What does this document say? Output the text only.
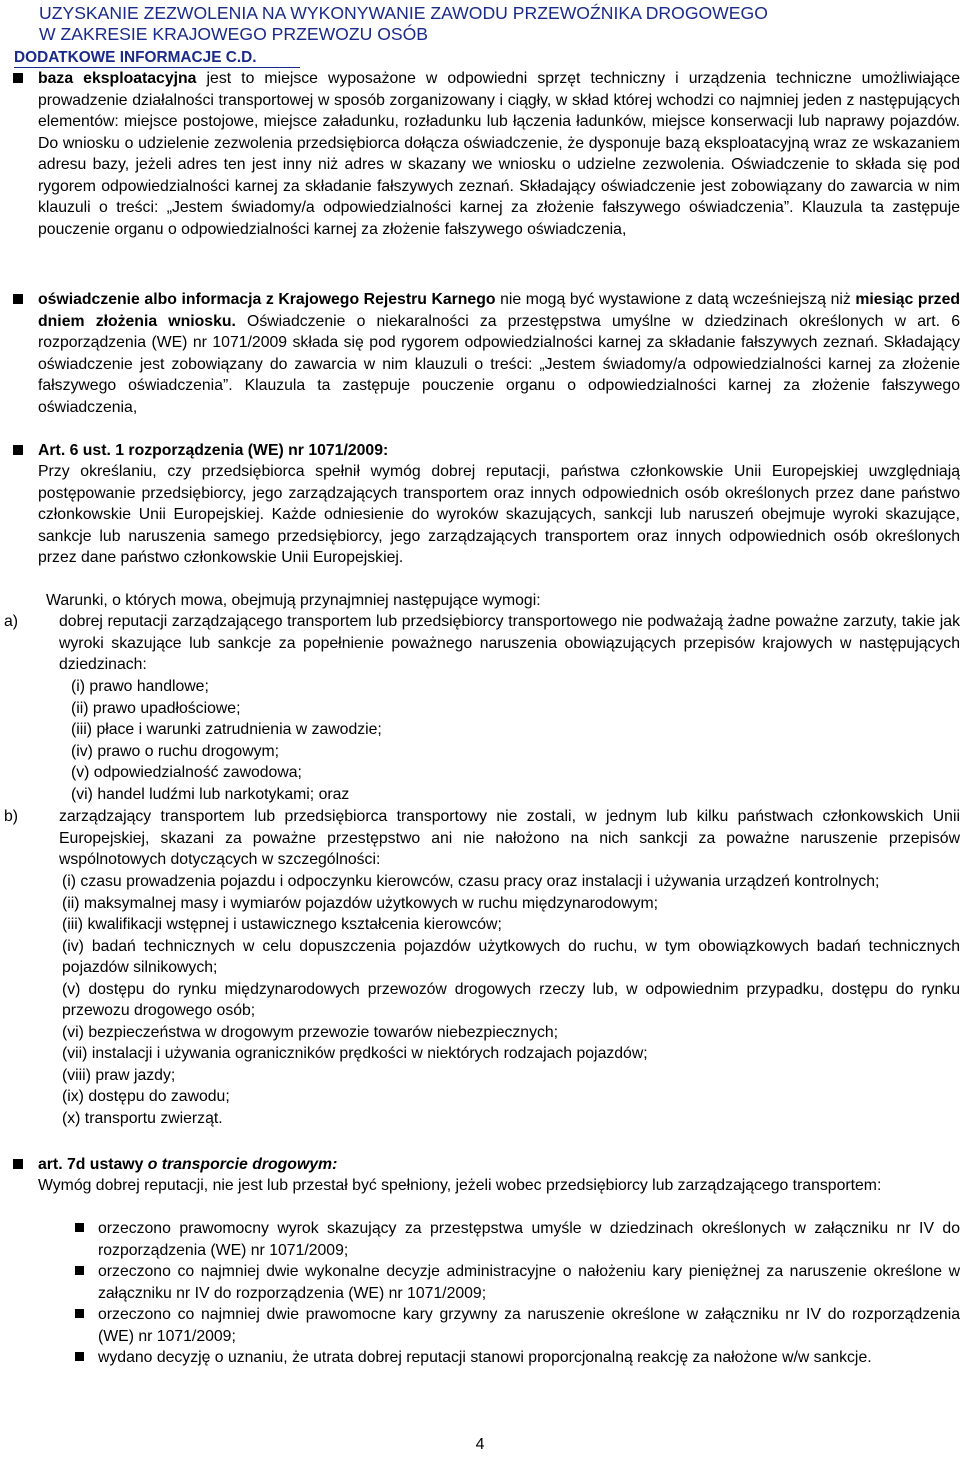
UZYSKANIE ZEZWOLENIA NA WYKONYWANIE ZAWODU PRZEWOŹNIKA DROGOWEGO
W ZAKRESIE KRAJOWEGO PRZEWOZU OSÓB
DODATKOWE INFORMACJE C.D.

baza eksploatacyjna jest to miejsce wyposażone w odpowiedni sprzęt techniczny i urządzenia techniczne umożliwiające prowadzenie działalności transportowej w sposób zorganizowany i ciągły, w skład której wchodzi co najmniej jeden z następujących elementów: miejsce postojowe, miejsce załadunku, rozładunku lub łączenia ładunków, miejsce konserwacji lub naprawy pojazdów. Do wniosku o udzielenie zezwolenia przedsiębiorca dołącza oświadczenie, że dysponuje bazą eksploatacyjną wraz ze wskazaniem adresu bazy, jeżeli adres ten jest inny niż adres w skazany we wniosku o udzielne zezwolenia. Oświadczenie to składa się pod rygorem odpowiedzialności karnej za składanie fałszywych zeznań. Składający oświadczenie jest zobowiązany do zawarcia w nim klauzuli o treści: „Jestem świadomy/a odpowiedzialności karnej za złożenie fałszywego oświadczenia”. Klauzula ta zastępuje pouczenie organu o odpowiedzialności karnej za złożenie fałszywego oświadczenia,

oświadczenie albo informacja z Krajowego Rejestru Karnego nie mogą być wystawione z datą wcześniejszą niż miesiąc przed dniem złożenia wniosku. Oświadczenie o niekaralności za przestępstwa umyślne w dziedzinach określonych w art. 6 rozporządzenia (WE) nr 1071/2009 składa się pod rygorem odpowiedzialności karnej za składanie fałszywych zeznań. Składający oświadczenie jest zobowiązany do zawarcia w nim klauzuli o treści: „Jestem świadomy/a odpowiedzialności karnej za złożenie fałszywego oświadczenia”. Klauzula ta zastępuje pouczenie organu o odpowiedzialności karnej za złożenie fałszywego oświadczenia,

Art. 6 ust. 1 rozporządzenia (WE) nr 1071/2009:

Przy określaniu, czy przedsiębiorca spełnił wymóg dobrej reputacji, państwa członkowskie Unii Europejskiej uwzględniają postępowanie przedsiębiorcy, jego zarządzających transportem oraz innych odpowiednich osób określonych przez dane państwo członkowskie Unii Europejskiej. Każde odniesienie do wyroków skazujących, sankcji lub naruszeń obejmuje wyroki skazujące, sankcje lub naruszenia samego przedsiębiorcy, jego zarządzających transportem oraz innych odpowiednich osób określonych przez dane państwo członkowskie Unii Europejskiej.

Warunki, o których mowa, obejmują przynajmniej następujące wymogi:

a)	dobrej reputacji zarządzającego transportem lub przedsiębiorcy transportowego nie podważają żadne poważne zarzuty, takie jak wyroki skazujące lub sankcje za popełnienie poważnego naruszenia obowiązujących przepisów krajowych w następujących dziedzinach:

(i) prawo handlowe;
(ii) prawo upadłościowe;
(iii) płace i warunki zatrudnienia w zawodzie;
(iv) prawo o ruchu drogowym;
(v) odpowiedzialność zawodowa;
(vi) handel ludźmi lub narkotykami; oraz
b)	zarządzający transportem lub przedsiębiorca transportowy nie zostali, w jednym lub kilku państwach członkowskich Unii Europejskiej, skazani za poważne przestępstwo ani nie nałożono na nich sankcji za poważne naruszenie przepisów wspólnotowych dotyczących w szczególności:

(i) czasu prowadzenia pojazdu i odpoczynku kierowców, czasu pracy oraz instalacji i używania urządzeń kontrolnych;
(ii) maksymalnej masy i wymiarów pojazdów użytkowych w ruchu międzynarodowym;
(iii) kwalifikacji wstępnej i ustawicznego kształcenia kierowców;
(iv) badań technicznych w celu dopuszczenia pojazdów użytkowych do ruchu, w tym obowiązkowych badań technicznych pojazdów silnikowych;
(v) dostępu do rynku międzynarodowych przewozów drogowych rzeczy lub, w odpowiednim przypadku, dostępu do rynku przewozu drogowego osób;
(vi) bezpieczeństwa w drogowym przewozie towarów niebezpiecznych;
(vii) instalacji i używania ograniczników prędkości w niektórych rodzajach pojazdów;
(viii) praw jazdy;
(ix) dostępu do zawodu;
(x) transportu zwierząt.

art. 7d ustawy o transporcie drogowym:

Wymóg dobrej reputacji, nie jest lub przestał być spełniony, jeżeli wobec przedsiębiorcy lub zarządzającego transportem:

orzeczono prawomocny wyrok skazujący za przestępstwa umyśle w dziedzinach określonych w załączniku nr IV do rozporządzenia (WE) nr 1071/2009;

orzeczono co najmniej dwie wykonalne decyzje administracyjne o nałożeniu kary pieniężnej za naruszenie określone w załączniku nr IV do rozporządzenia (WE) nr 1071/2009;

orzeczono co najmniej dwie prawomocne kary grzywny za naruszenie określone w załączniku nr IV do rozporządzenia (WE) nr 1071/2009;

wydano decyzję o uznaniu, że utrata dobrej reputacji stanowi proporcjonalną reakcję za nałożone w/w sankcje.

4
